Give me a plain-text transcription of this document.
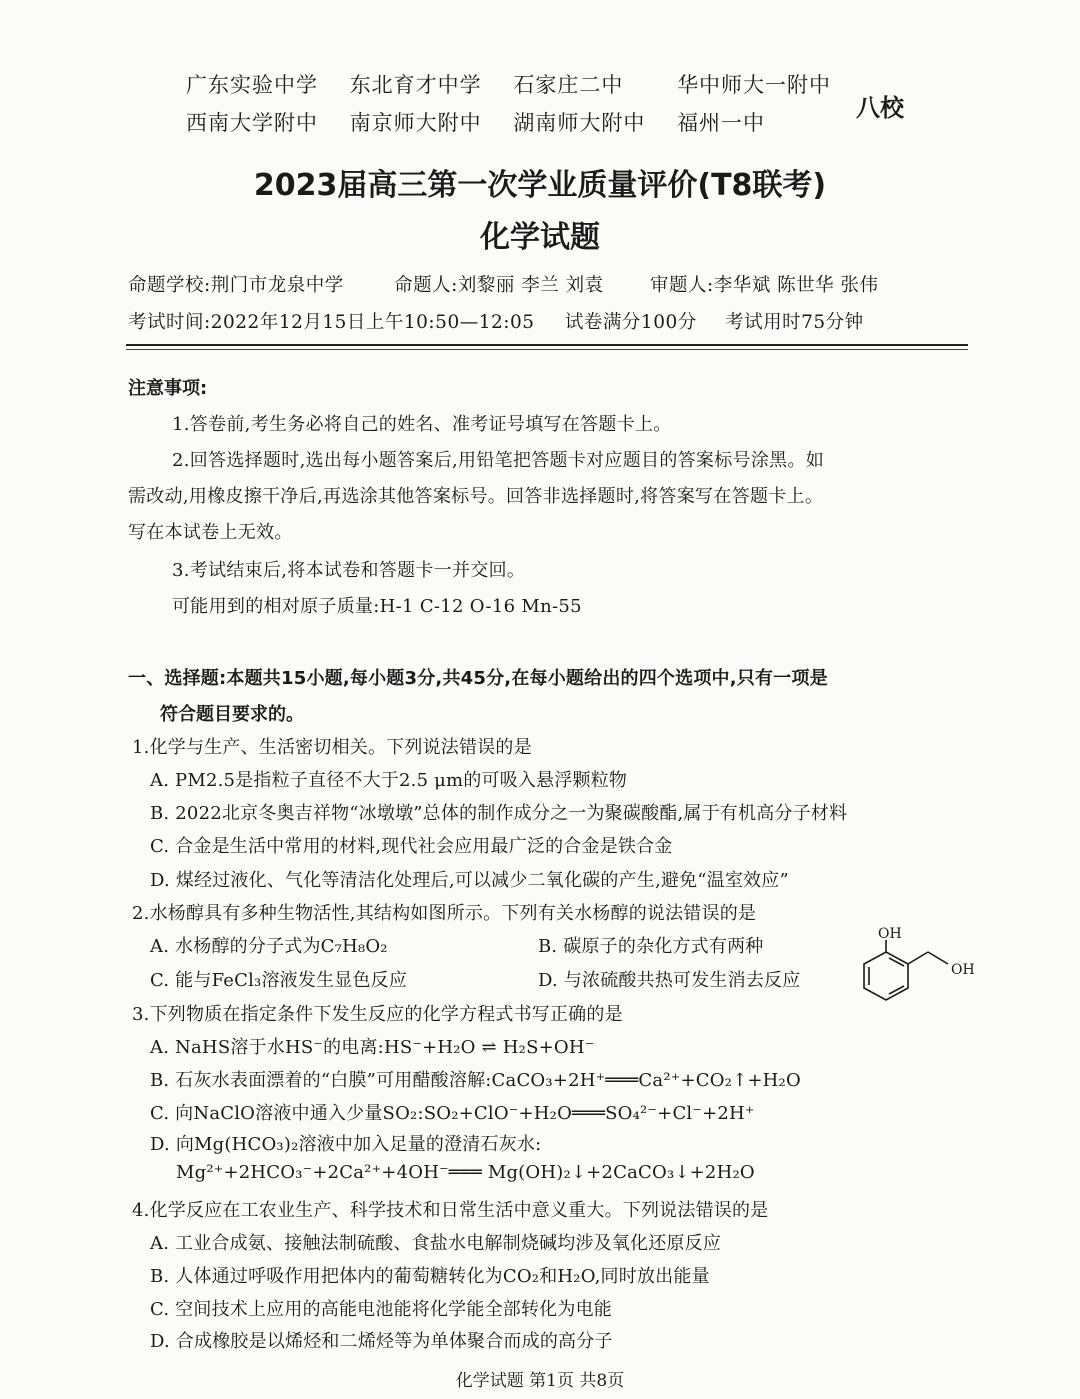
广东实验中学 东北育才中学 石家庄二中	华中师大一附中
西南大学附中 南京师大附中 湖南师大附中 福州一中
八校
2023届高三第一次学业质量评价(T8联考)
化学试题
命题学校:荆门市龙泉中学	命题人:刘黎丽 李兰 刘袁	审题人:李华斌 陈世华 张伟
考试时间:2022年12月15日上午10:50—12:05 试卷满分100分 考试用时75分钟
注意事项:
1.答卷前,考生务必将自己的姓名、准考证号填写在答题卡上。
2.回答选择题时,选出每小题答案后,用铅笔把答题卡对应题目的答案标号涂黑。如
需改动,用橡皮擦干净后,再选涂其他答案标号。回答非选择题时,将答案写在答题卡上。
写在本试卷上无效。
3.考试结束后,将本试卷和答题卡一并交回。
可能用到的相对原子质量:H-1 C-12 O-16 Mn-55
一、选择题:本题共15小题,每小题3分,共45分,在每小题给出的四个选项中,只有一项是
符合题目要求的。
1.化学与生产、生活密切相关。下列说法错误的是
A. PM2.5是指粒子直径不大于2.5 μm的可吸入悬浮颗粒物
B. 2022北京冬奥吉祥物“冰墩墩”总体的制作成分之一为聚碳酸酯,属于有机高分子材料
C. 合金是生活中常用的材料,现代社会应用最广泛的合金是铁合金
D. 煤经过液化、气化等清洁化处理后,可以减少二氧化碳的产生,避免“温室效应”
2.水杨醇具有多种生物活性,其结构如图所示。下列有关水杨醇的说法错误的是
A. 水杨醇的分子式为C₇H₈O₂	B. 碳原子的杂化方式有两种
C. 能与FeCl₃溶液发生显色反应	D. 与浓硫酸共热可发生消去反应
OH
OH
3.下列物质在指定条件下发生反应的化学方程式书写正确的是
A. NaHS溶于水HS⁻的电离:HS⁻+H₂O ⇌ H₂S+OH⁻
B. 石灰水表面漂着的“白膜”可用醋酸溶解:CaCO₃+2H⁺═══Ca²⁺+CO₂↑+H₂O
C. 向NaClO溶液中通入少量SO₂:SO₂+ClO⁻+H₂O═══SO₄²⁻+Cl⁻+2H⁺
D. 向Mg(HCO₃)₂溶液中加入足量的澄清石灰水:
Mg²⁺+2HCO₃⁻+2Ca²⁺+4OH⁻═══ Mg(OH)₂↓+2CaCO₃↓+2H₂O
4.化学反应在工农业生产、科学技术和日常生活中意义重大。下列说法错误的是
A. 工业合成氨、接触法制硫酸、食盐水电解制烧碱均涉及氧化还原反应
B. 人体通过呼吸作用把体内的葡萄糖转化为CO₂和H₂O,同时放出能量
C. 空间技术上应用的高能电池能将化学能全部转化为电能
D. 合成橡胶是以烯烃和二烯烃等为单体聚合而成的高分子
化学试题 第1页 共8页
